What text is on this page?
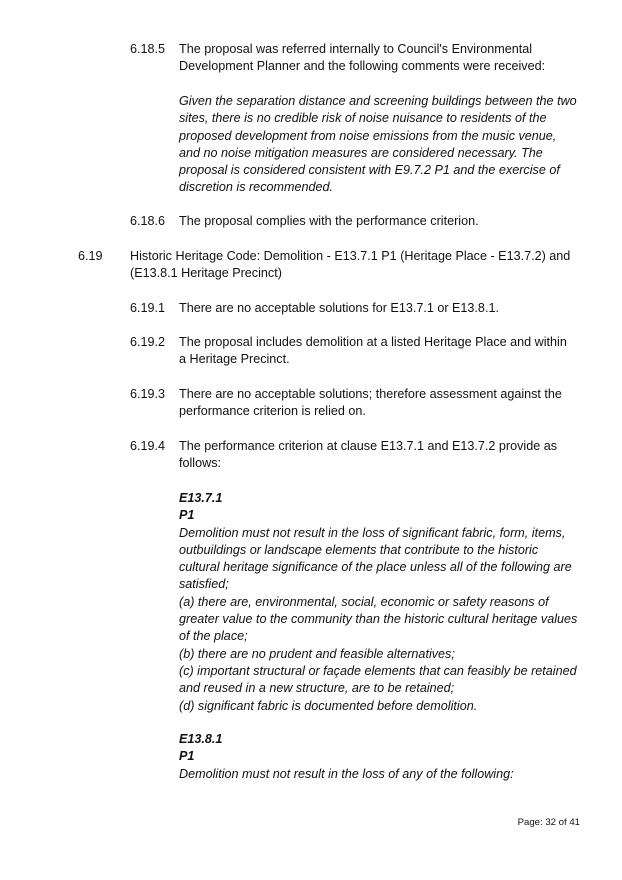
6.18.5	The proposal was referred internally to Council's Environmental Development Planner and the following comments were received:

Given the separation distance and screening buildings between the two sites, there is no credible risk of noise nuisance to residents of the proposed development from noise emissions from the music venue, and no noise mitigation measures are considered necessary. The proposal is considered consistent with E9.7.2 P1 and the exercise of discretion is recommended.

6.18.6	The proposal complies with the performance criterion.
6.19	Historic Heritage Code: Demolition - E13.7.1 P1 (Heritage Place - E13.7.2) and (E13.8.1 Heritage Precinct)
6.19.1	There are no acceptable solutions for E13.7.1 or E13.8.1.
6.19.2	The proposal includes demolition at a listed Heritage Place and within a Heritage Precinct.
6.19.3	There are no acceptable solutions; therefore assessment against the performance criterion is relied on.
6.19.4	The performance criterion at clause E13.7.1 and E13.7.2 provide as follows:

E13.7.1

P1

Demolition must not result in the loss of significant fabric, form, items, outbuildings or landscape elements that contribute to the historic cultural heritage significance of the place unless all of the following are satisfied;

(a) there are, environmental, social, economic or safety reasons of greater value to the community than the historic cultural heritage values of the place;

(b) there are no prudent and feasible alternatives;

(c) important structural or façade elements that can feasibly be retained and reused in a new structure, are to be retained;

(d) significant fabric is documented before demolition.

E13.8.1

P1

Demolition must not result in the loss of any of the following:

Page: 32 of 41
